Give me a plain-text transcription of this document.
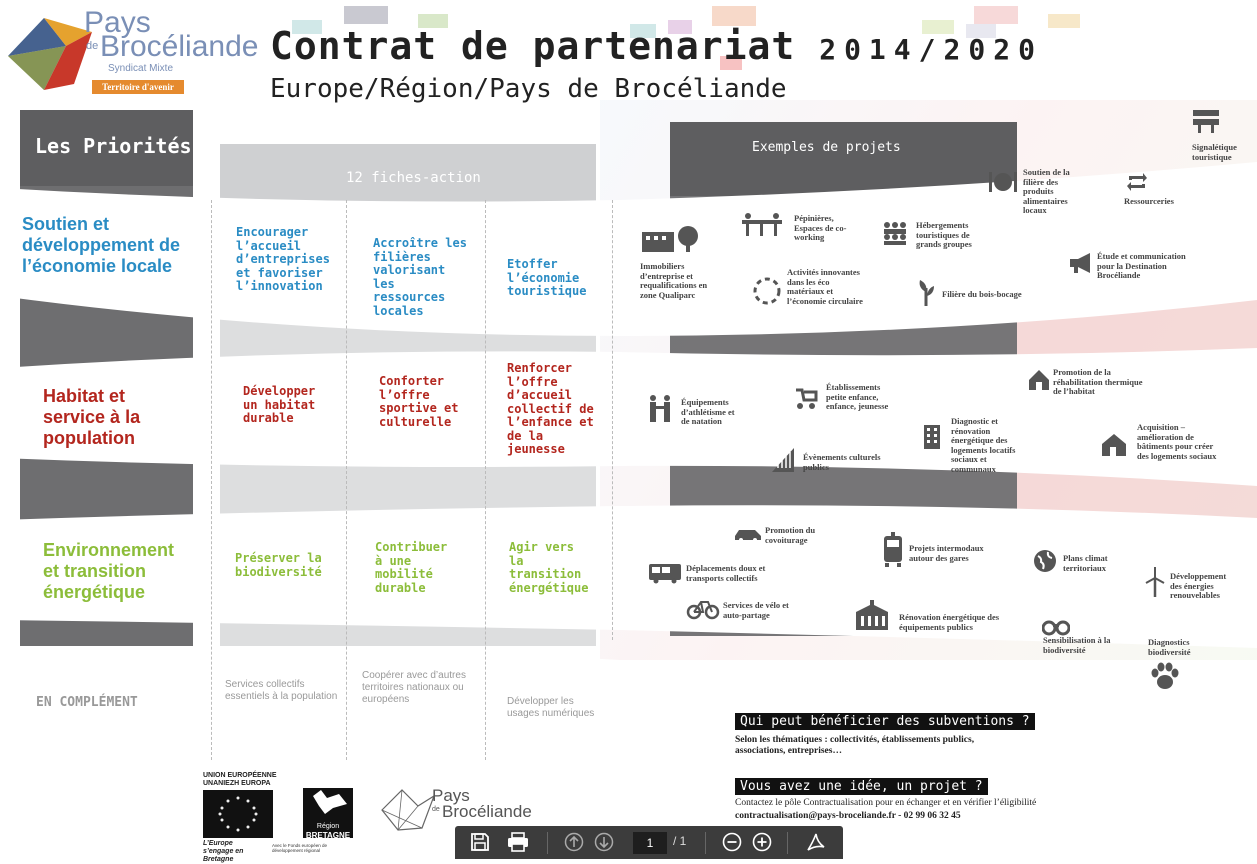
Pays
de Brocéliande
Syndicat Mixte
Territoire d'avenir
Contrat de partenariat 2014/2020
Europe/Région/Pays de Brocéliande
Les Priorités
12 fiches-action
Exemples de projets
Soutien et développement de l’économie locale
Encourager l’accueil d’entreprises et favoriser l’innovation
Accroître les filières valorisant les ressources locales
Etoffer l’économie touristique
Immobiliers d’entreprise et requalifications en zone Qualiparc
Pépinières, Espaces de co-working
Activités innovantes dans les éco matériaux et l’économie circulaire
Hébergements touristiques de grands groupes
Filière du bois-bocage
Soutien de la filière des produits alimentaires locaux
Ressourceries
Signalétique touristique
Étude et communication pour la Destination Brocéliande
Habitat et service à la population
Développer un habitat durable
Conforter l’offre sportive et culturelle
Renforcer l’offre d’accueil collectif de l’enfance et de la jeunesse
Équipements d’athlétisme et de natation
Établissements petite enfance, enfance, jeunesse
Évènements culturels publics
Diagnostic et rénovation énergétique des logements locatifs sociaux et communaux
Promotion de la réhabilitation thermique de l’habitat
Acquisition – amélioration de bâtiments pour créer des logements sociaux
Environnement et transition énergétique
Préserver la biodiversité
Contribuer à une mobilité durable
Agir vers la transition énergétique
Promotion du covoiturage
Déplacements doux et transports collectifs
Services de vélo et auto-partage
Projets intermodaux autour des gares
Rénovation énergétique des équipements publics
Plans climat territoriaux
Sensibilisation à la biodiversité
Développement des énergies renouvelables
Diagnostics biodiversité
EN COMPLÉMENT
Services collectifs essentiels à la population
Coopérer avec d’autres territoires nationaux ou européens	Développer les usages numériques
Qui peut bénéficier des subventions ?
Selon les thématiques : collectivités, établissements publics, associations, entreprises…
Vous avez une idée, un projet ?
Contactez le pôle Contractualisation pour en échanger et en vérifier l’éligibilité
contractualisation@pays-broceliande.fr - 02 99 06 32 45
UNION EUROPÉENNE
UNANIEZH EUROPA
L’Europe s’engage en Bretagne
Avec le Fonds européen de développement régional
Région
BRETAGNE
Pays
de Brocéliande
1
/ 1
